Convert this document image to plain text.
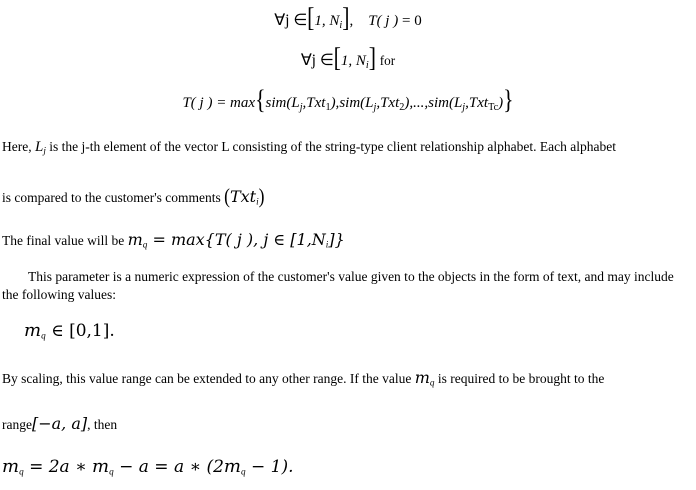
∀j ∈[1, $N_i$], T( j ) = 0
∀j ∈[1, $N_i$] for
T( j ) = $\max\{sim(L_j,Txt_1),sim(L_j,Txt_2),...,sim(L_j,Txt_{Tc})\}$
Here, $L_j$ is the j-th element of the vector L consisting of the string-type client relationship alphabet. Each alphabet
is compared to the customer's comments (Txt$_i$)
The final value will be $m_q = \max\{T$( j ), j ∈ $[1,N_i]$}
This parameter is a numeric expression of the customer's value given to the objects in the form of text, and may include the following values:
$m_q$ ∈ [0,1].
By scaling, this value range can be extended to any other range. If the value $m_q$ is required to be brought to the
range[−a, a], then
$m_q = 2a$ ∗ $m_q - a = a$ ∗ $(2m_q - 1)$.
